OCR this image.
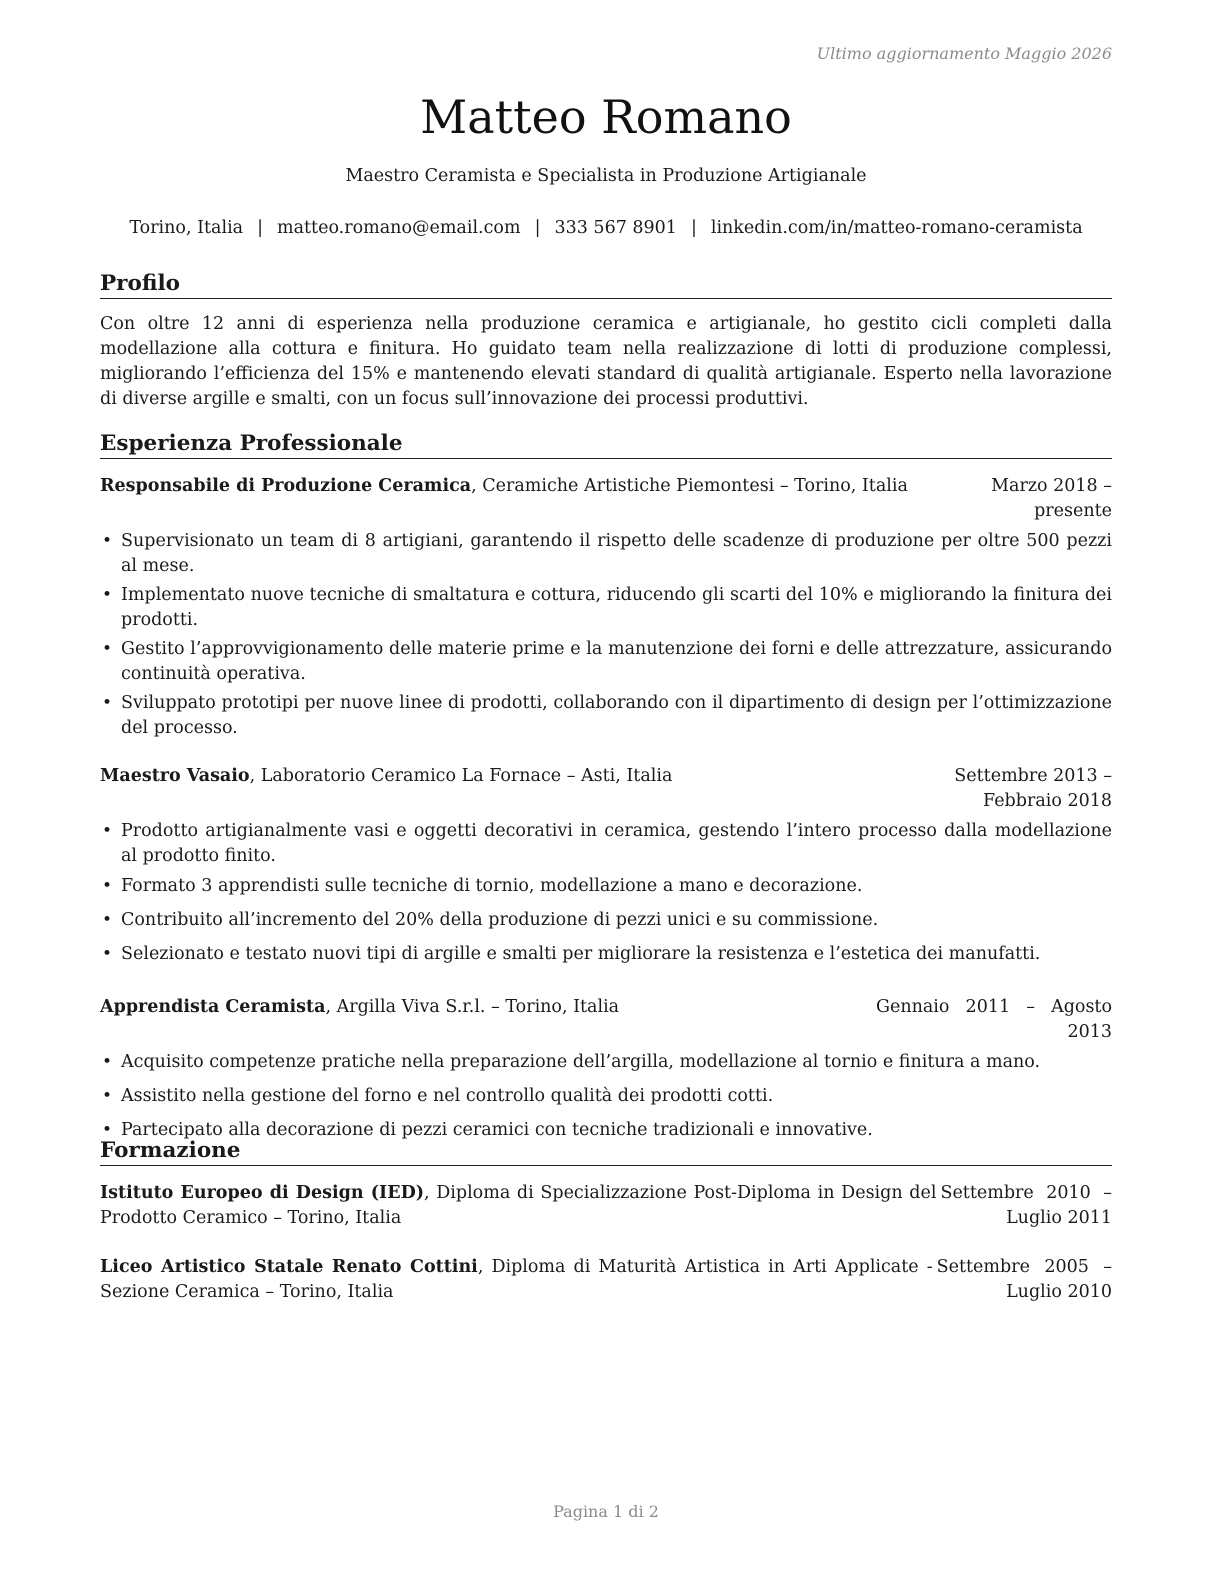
Ultimo aggiornamento Maggio 2026
Matteo Romano
Maestro Ceramista e Specialista in Produzione Artigianale
Torino, Italia | matteo.romano@email.com | 333 567 8901 | linkedin.com/in/matteo-romano-ceramista
Profilo

Con oltre 12 anni di esperienza nella produzione ceramica e artigianale, ho gestito cicli completi dalla modellazione alla cottura e finitura. Ho guidato team nella realizzazione di lotti di produzione complessi, migliorando l’efficienza del 15% e mantenendo elevati standard di qualità artigianale. Esperto nella lavorazione di diverse argille e smalti, con un focus sull’innovazione dei processi produttivi.

Esperienza Professionale
Responsabile di Produzione Ceramica, Ceramiche Artistiche Piemontesi – Torino, Italia	Marzo 2018 – presente
• Supervisionato un team di 8 artigiani, garantendo il rispetto delle scadenze di produzione per oltre 500 pezzi al mese.
• Implementato nuove tecniche di smaltatura e cottura, riducendo gli scarti del 10% e migliorando la finitura dei prodotti.
• Gestito l’approvvigionamento delle materie prime e la manutenzione dei forni e delle attrezzature, assicurando continuità operativa.
• Sviluppato prototipi per nuove linee di prodotti, collaborando con il dipartimento di design per l’ottimizzazione del processo.
Maestro Vasaio, Laboratorio Ceramico La Fornace – Asti, Italia	Settembre 2013 – Febbraio 2018
• Prodotto artigianalmente vasi e oggetti decorativi in ceramica, gestendo l’intero processo dalla modellazione al prodotto finito.
• Formato 3 apprendisti sulle tecniche di tornio, modellazione a mano e decorazione.
• Contribuito all’incremento del 20% della produzione di pezzi unici e su commissione.
• Selezionato e testato nuovi tipi di argille e smalti per migliorare la resistenza e l’estetica dei manufatti.
Apprendista Ceramista, Argilla Viva S.r.l. – Torino, Italia	Gennaio 2011 – Agosto 2013
• Acquisito competenze pratiche nella preparazione dell’argilla, modellazione al tornio e finitura a mano.
• Assistito nella gestione del forno e nel controllo qualità dei prodotti cotti.
• Partecipato alla decorazione di pezzi ceramici con tecniche tradizionali e innovative.
Formazione
Istituto Europeo di Design (IED), Diploma di Specializzazione Post-Diploma in Design del Prodotto Ceramico – Torino, Italia
Settembre 2010 – Luglio 2011
Liceo Artistico Statale Renato Cottini, Diploma di Maturità Artistica in Arti Applicate - Sezione Ceramica – Torino, Italia
Settembre 2005 – Luglio 2010
Pagina 1 di 2
